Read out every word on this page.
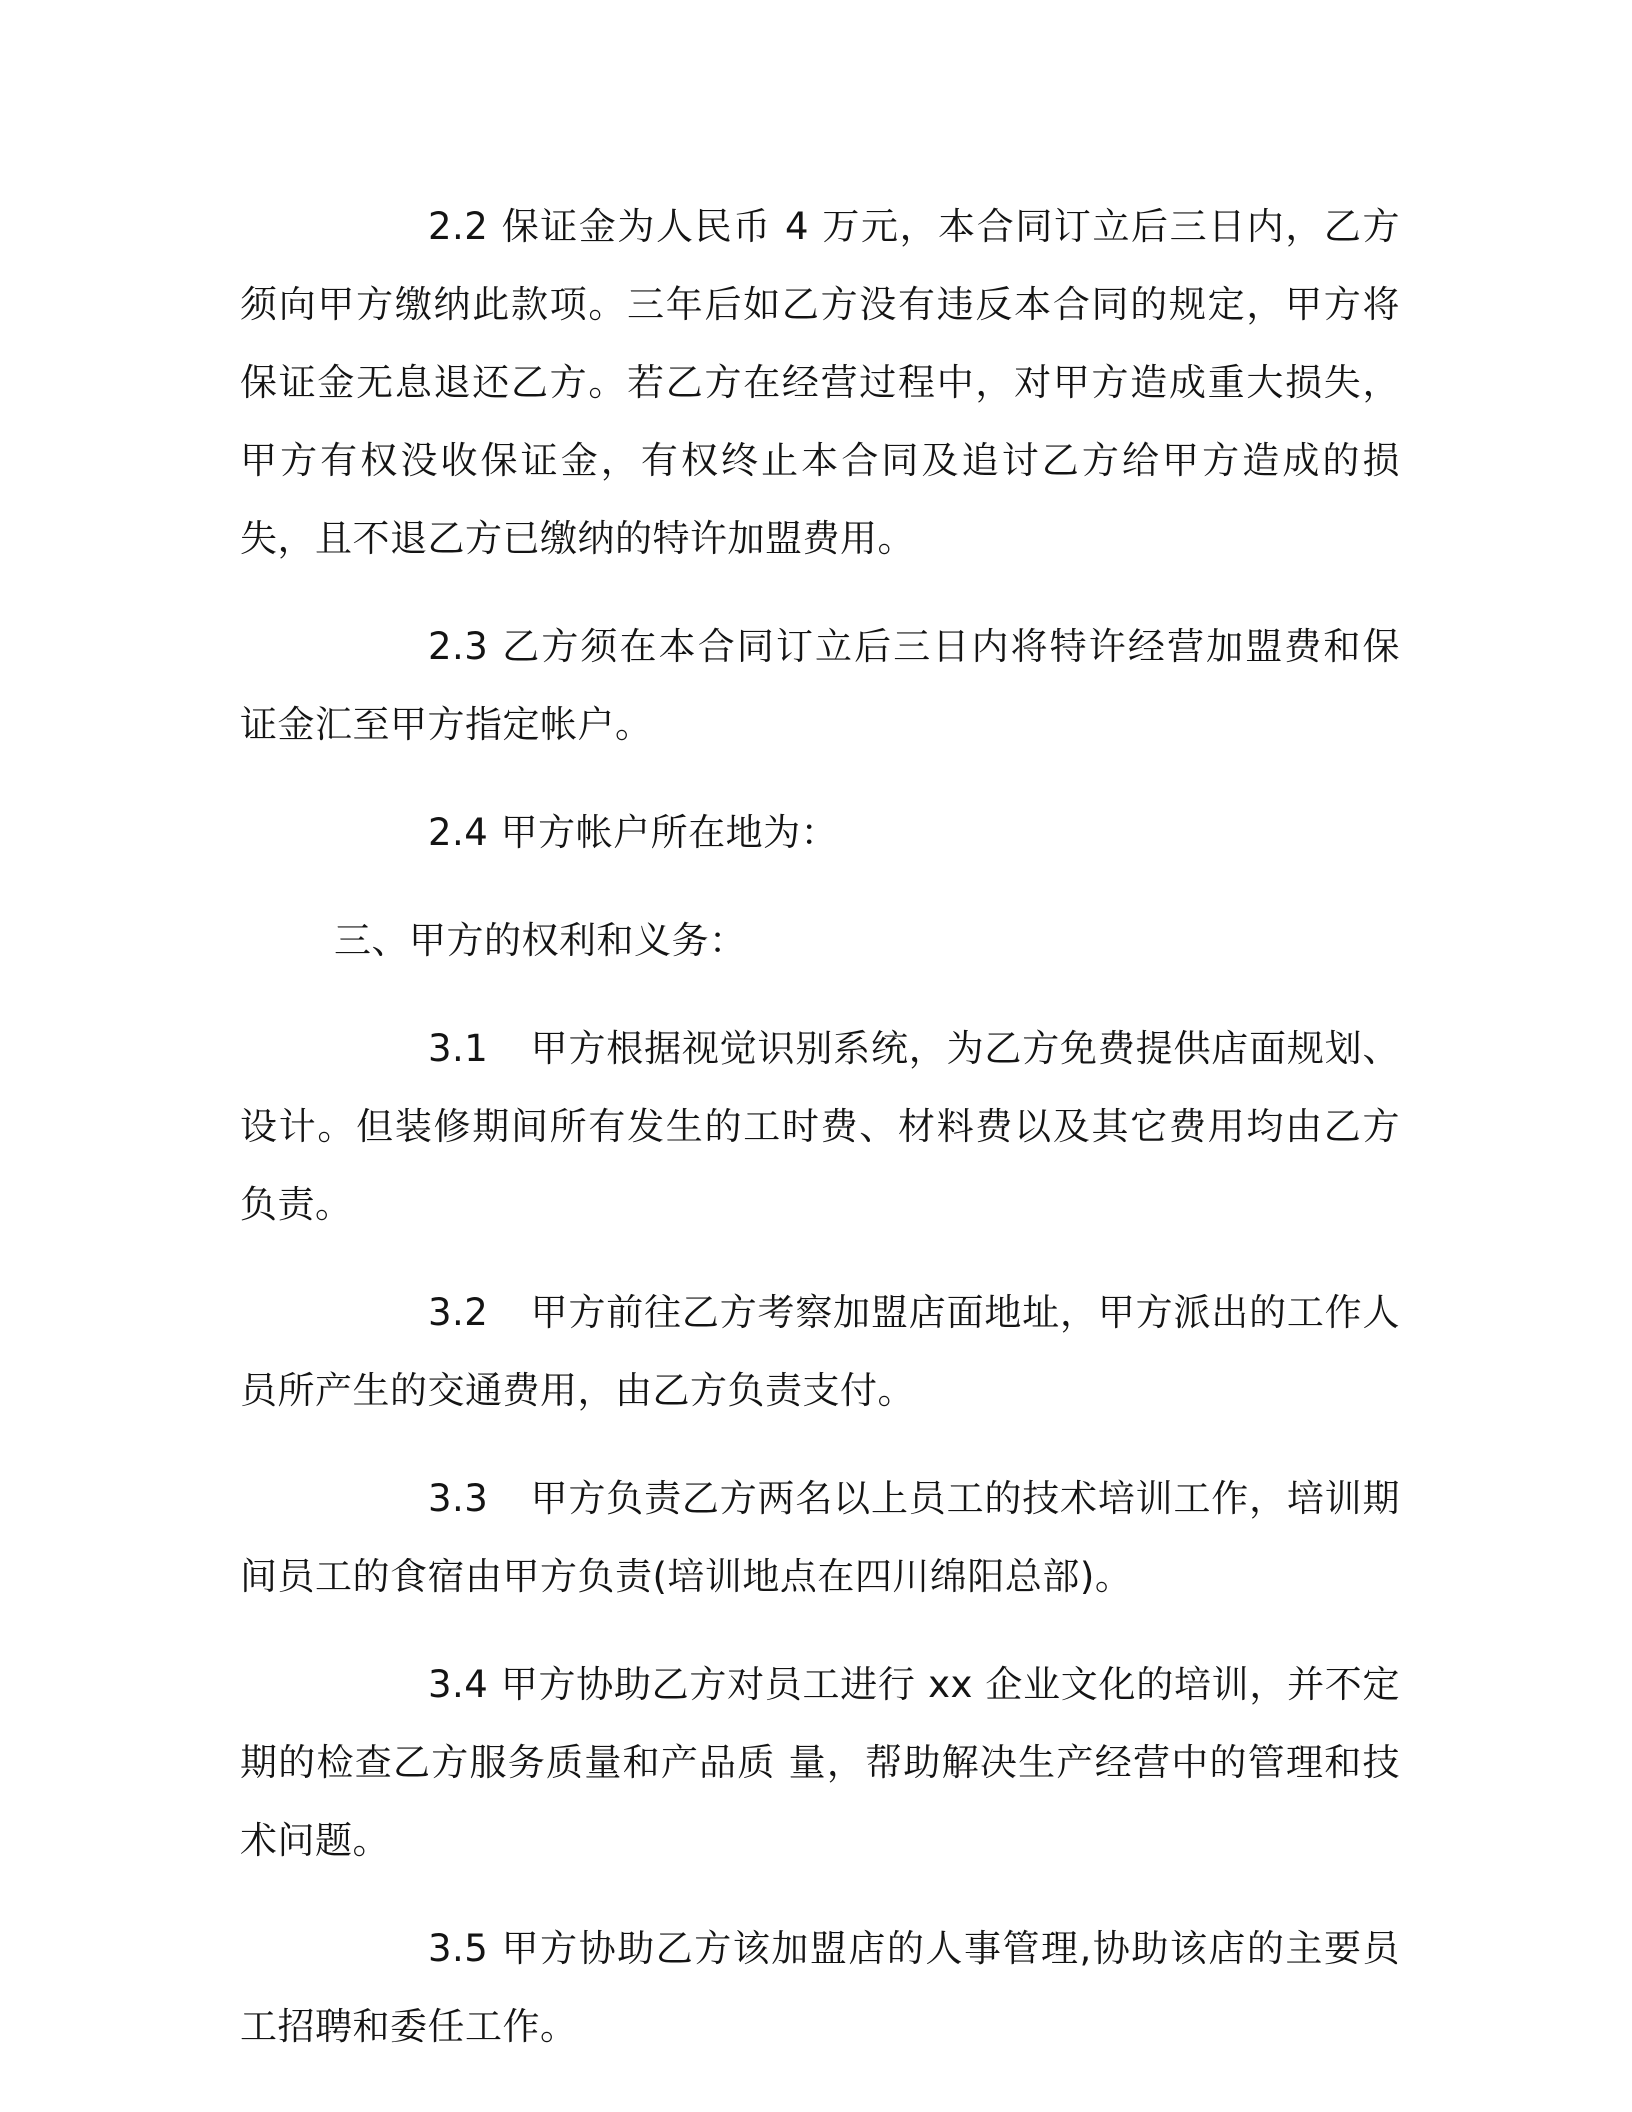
2.2 保证金为人民币 4 万元，本合同订立后三日内，乙方须向甲方缴纳此款项。三年后如乙方没有违反本合同的规定，甲方将保证金无息退还乙方。若乙方在经营过程中，对甲方造成重大损失，甲方有权没收保证金，有权终止本合同及追讨乙方给甲方造成的损失，且不退乙方已缴纳的特许加盟费用。

2.3 乙方须在本合同订立后三日内将特许经营加盟费和保证金汇至甲方指定帐户。

2.4 甲方帐户所在地为：

三、甲方的权利和义务：

3.1 甲方根据视觉识别系统，为乙方免费提供店面规划、设计。但装修期间所有发生的工时费、材料费以及其它费用均由乙方负责。

3.2 甲方前往乙方考察加盟店面地址，甲方派出的工作人员所产生的交通费用，由乙方负责支付。

3.3 甲方负责乙方两名以上员工的技术培训工作，培训期间员工的食宿由甲方负责(培训地点在四川绵阳总部)。

3.4 甲方协助乙方对员工进行 xx 企业文化的培训，并不定期的检查乙方服务质量和产品质 量，帮助解决生产经营中的管理和技术问题。

3.5 甲方协助乙方该加盟店的人事管理,协助该店的主要员工招聘和委任工作。
